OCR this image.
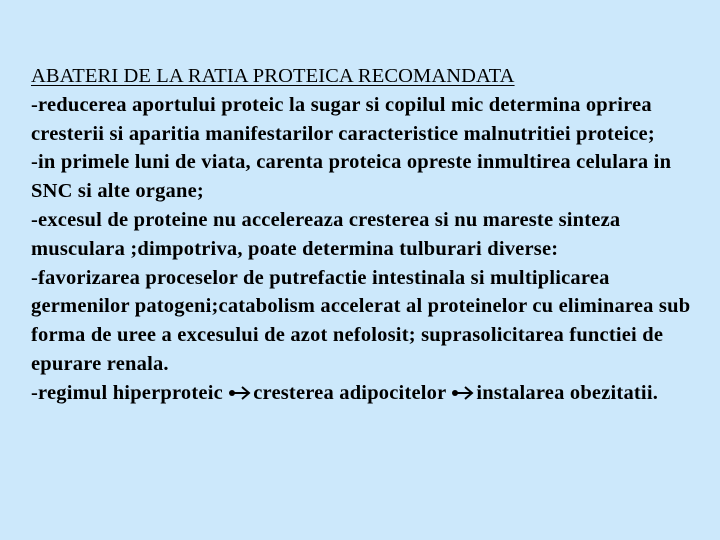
ABATERI DE LA RATIA PROTEICA RECOMANDATA

-reducerea aportului proteic la sugar si copilul mic determina oprirea cresterii si aparitia manifestarilor caracteristice malnutritiei proteice;

-in primele luni de viata, carenta proteica opreste inmultirea celulara in SNC si alte organe;

-excesul de proteine nu accelereaza cresterea si nu mareste sinteza musculara ;dimpotriva, poate determina tulburari diverse:

-favorizarea proceselor de putrefactie intestinala si multiplicarea germenilor patogeni;catabolism accelerat al proteinelor cu eliminarea sub forma de uree a excesului de azot nefolosit; suprasolicitarea functiei de epurare renala.

-regimul hiperproteic
cresterea adipocitelor
instalarea obezitatii.
